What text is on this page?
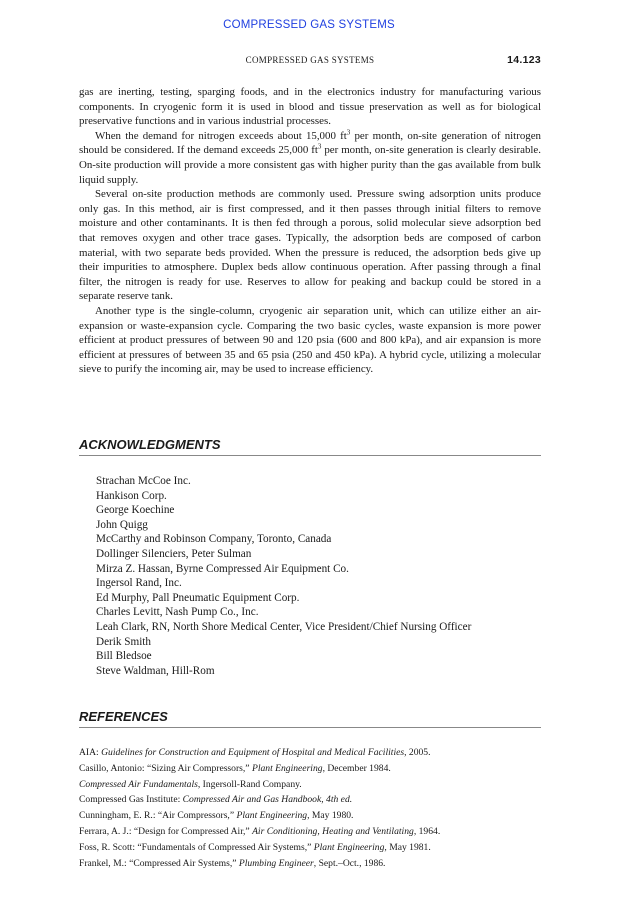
COMPRESSED GAS SYSTEMS
COMPRESSED GAS SYSTEMS	14.123

gas are inerting, testing, sparging foods, and in the electronics industry for manufacturing various components. In cryogenic form it is used in blood and tissue preservation as well as for biological preservative functions and in various industrial processes.

When the demand for nitrogen exceeds about 15,000 $ft^3$ per month, on-site generation of nitrogen should be considered. If the demand exceeds 25,000 $ft^3$ per month, on-site generation is clearly desirable. On-site production will provide a more consistent gas with higher purity than the gas available from bulk liquid supply.

Several on-site production methods are commonly used. Pressure swing adsorption units produce only gas. In this method, air is first compressed, and it then passes through initial filters to remove moisture and other contaminants. It is then fed through a porous, solid molecular sieve adsorption bed that removes oxygen and other trace gases. Typically, the adsorption beds are composed of carbon material, with two separate beds provided. When the pressure is reduced, the adsorption beds give up their impurities to atmosphere. Duplex beds allow continuous operation. After passing through a final filter, the nitrogen is ready for use. Reserves to allow for peaking and backup could be stored in a separate reserve tank.

Another type is the single-column, cryogenic air separation unit, which can utilize either an air-expansion or waste-expansion cycle. Comparing the two basic cycles, waste expansion is more power efficient at product pressures of between 90 and 120 psia (600 and 800 kPa), and air expansion is more efficient at pressures of between 35 and 65 psia (250 and 450 kPa). A hybrid cycle, utilizing a molecular sieve to purify the incoming air, may be used to increase efficiency.

ACKNOWLEDGMENTS
Strachan McCoe Inc.
Hankison Corp.
George Koechine
John Quigg
McCarthy and Robinson Company, Toronto, Canada
Dollinger Silenciers, Peter Sulman
Mirza Z. Hassan, Byrne Compressed Air Equipment Co.
Ingersol Rand, Inc.
Ed Murphy, Pall Pneumatic Equipment Corp.
Charles Levitt, Nash Pump Co., Inc.
Leah Clark, RN, North Shore Medical Center, Vice President/Chief Nursing Officer
Derik Smith
Bill Bledsoe
Steve Waldman, Hill-Rom
REFERENCES
AIA: Guidelines for Construction and Equipment of Hospital and Medical Facilities, 2005.
Casillo, Antonio: “Sizing Air Compressors,” Plant Engineering, December 1984.
Compressed Air Fundamentals, Ingersoll-Rand Company.
Compressed Gas Institute: Compressed Air and Gas Handbook, 4th ed.
Cunningham, E. R.: “Air Compressors,” Plant Engineering, May 1980.
Ferrara, A. J.: “Design for Compressed Air,” Air Conditioning, Heating and Ventilating, 1964.
Foss, R. Scott: “Fundamentals of Compressed Air Systems,” Plant Engineering, May 1981.
Frankel, M.: “Compressed Air Systems,” Plumbing Engineer, Sept.–Oct., 1986.
